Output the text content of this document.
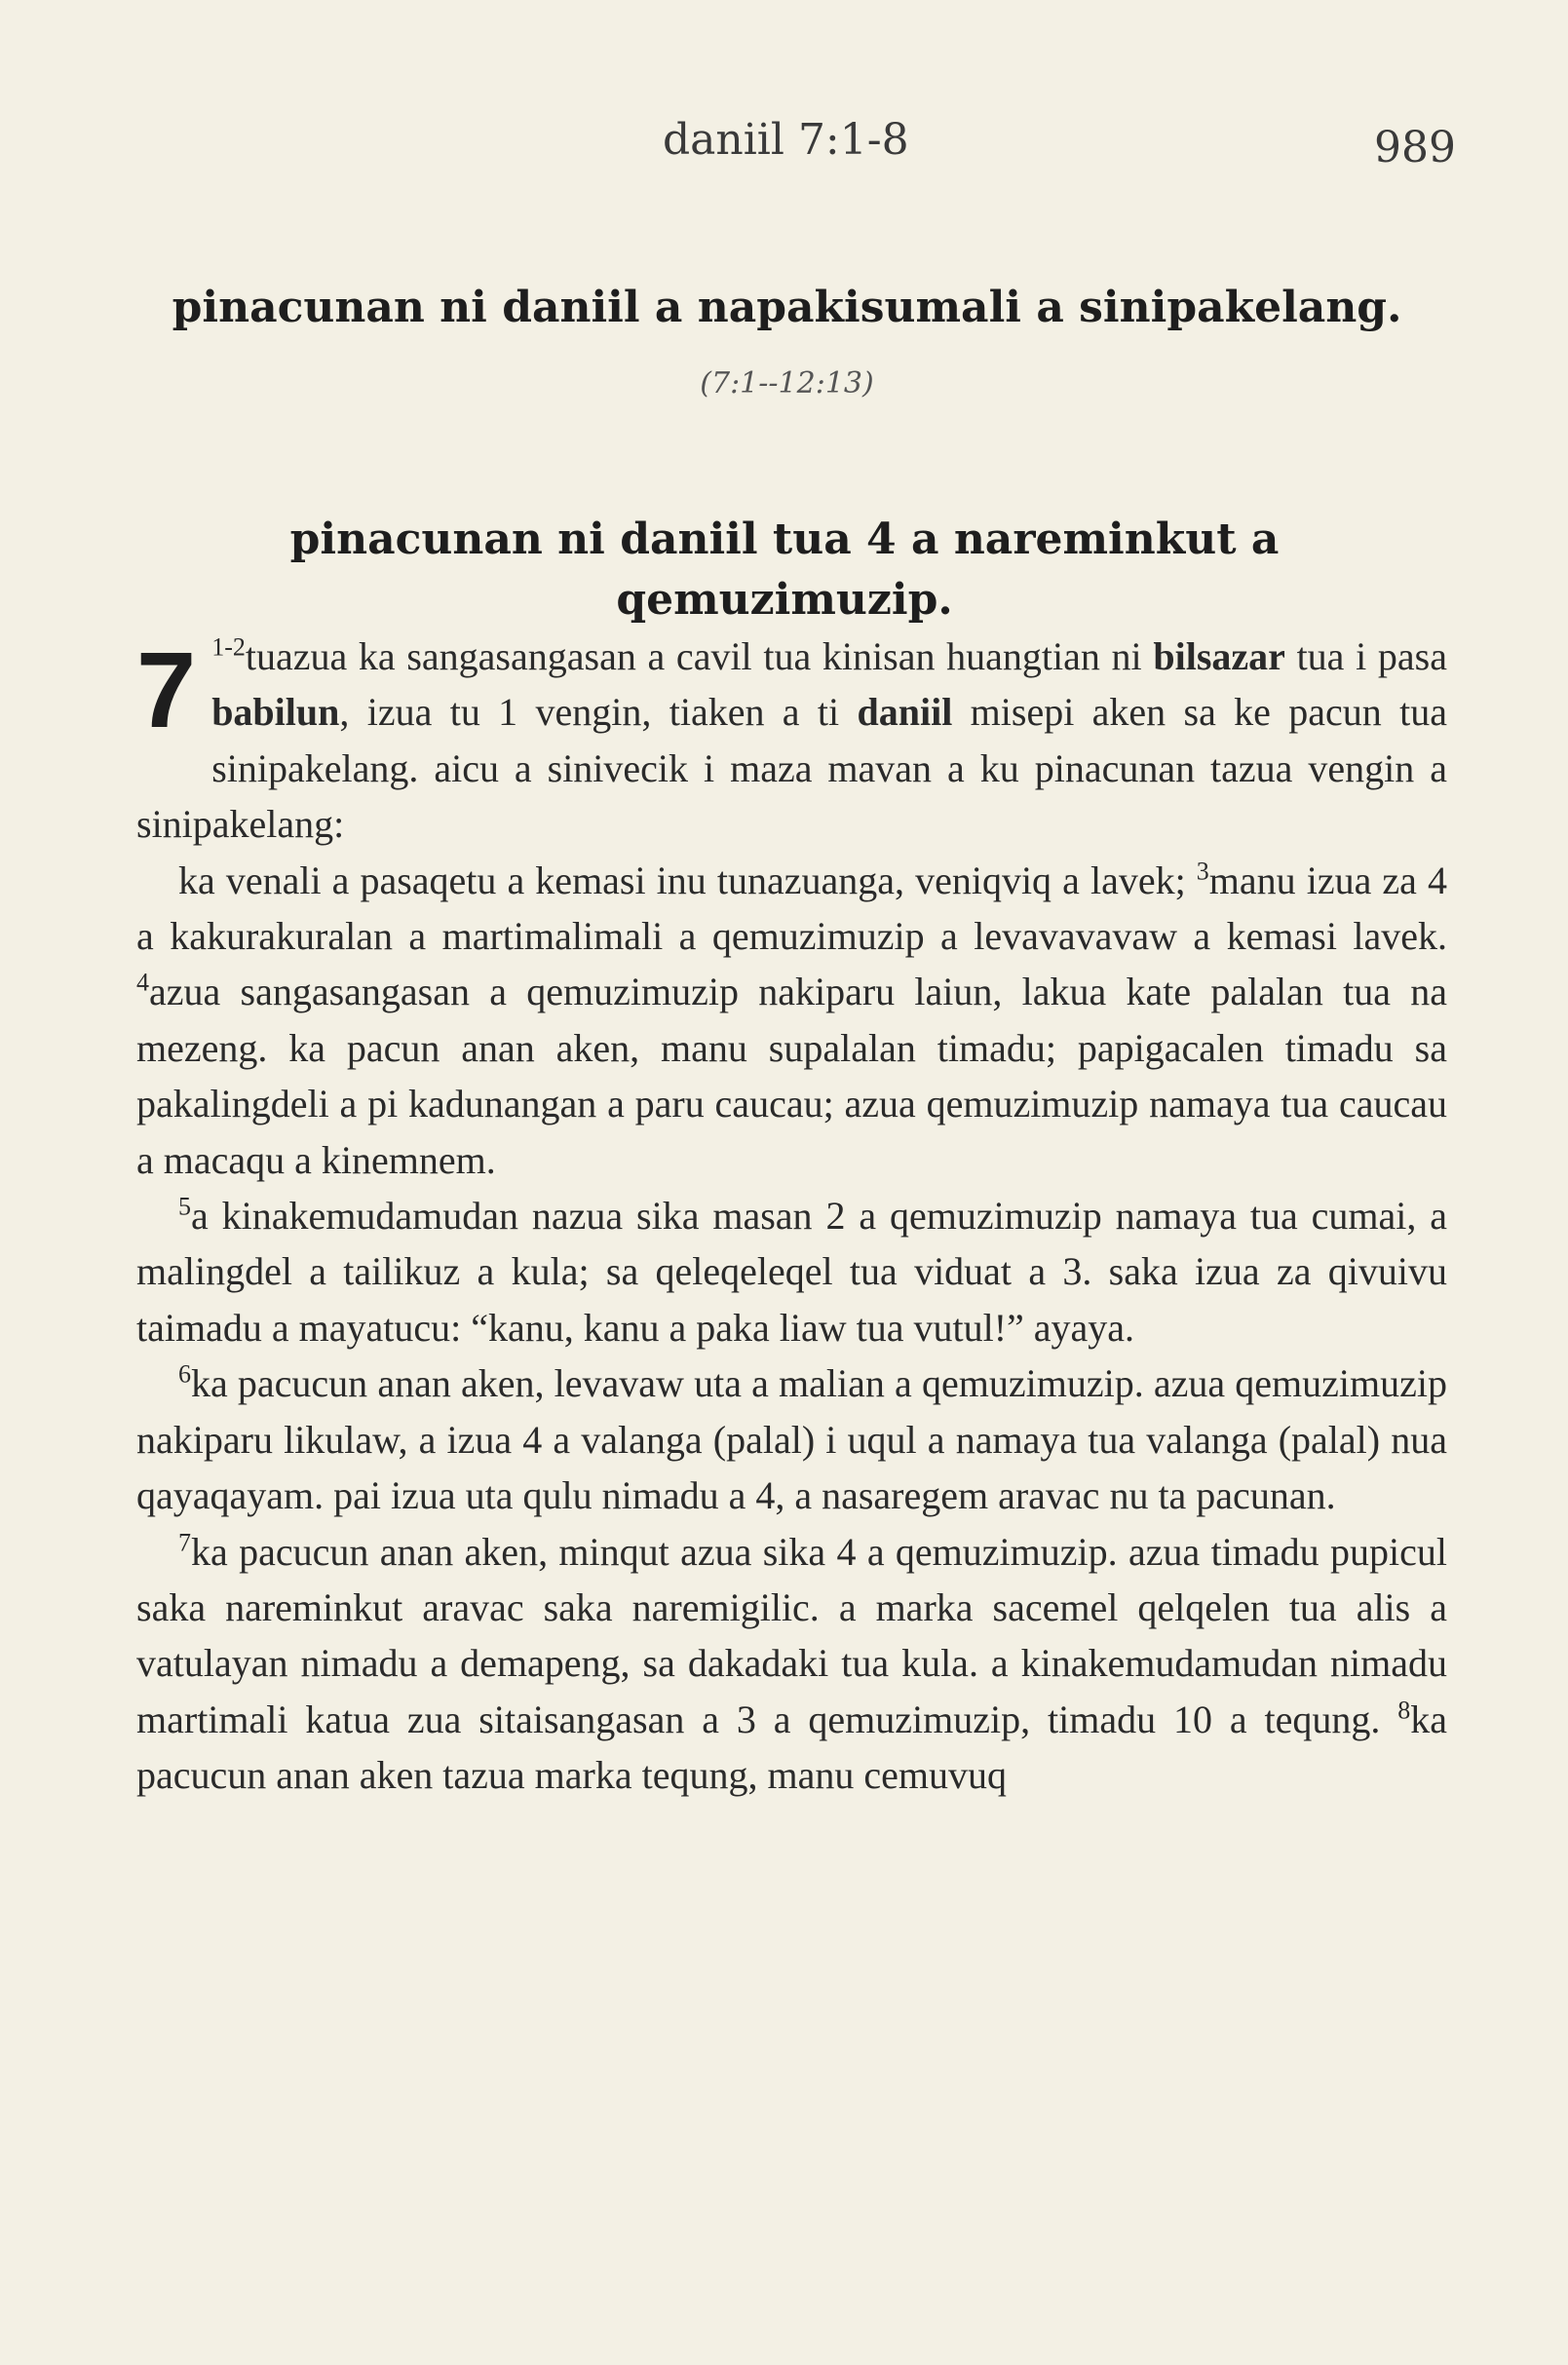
daniil 7:1-8	989
pinacunan ni daniil a napakisumali a sinipakelang.
(7:1--12:13)
pinacunan ni daniil tua 4 a nareminkut a qemuzimuzip.

7 $^{1-2}$tuazua ka sangasangasan a cavil tua kinisan huangtian ni bilsazar tua i pasa babilun, izua tu 1 vengin, tiaken a ti daniil misepi aken sa ke pacun tua sinipakelang. aicu a sinivecik i maza mavan a ku pinacunan tazua vengin a sinipakelang:

ka venali a pasaqetu a kemasi inu tunazuanga, veniqviq a lavek; $^3$manu izua za 4 a kakurakuralan a martimalimali a qemuzimuzip a levavavavaw a kemasi lavek. $^4$azua sangasangasan a qemuzimuzip nakiparu laiun, lakua kate palalan tua na mezeng. ka pacun anan aken, manu supalalan timadu; papigacalen timadu sa pakalingdeli a pi kadunangan a paru caucau; azua qemuzimuzip namaya tua caucau a macaqu a kinemnem.

$^5$a kinakemudamudan nazua sika masan 2 a qemuzimuzip namaya tua cumai, a malingdel a tailikuz a kula; sa qeleqeleqel tua viduat a 3. saka izua za qivuivu taimadu a mayatucu: “kanu, kanu a paka liaw tua vutul!” ayaya.

$^6$ka pacucun anan aken, levavaw uta a malian a qemuzimuzip. azua qemuzimuzip nakiparu likulaw, a izua 4 a valanga (palal) i uqul a namaya tua valanga (palal) nua qayaqayam. pai izua uta qulu nimadu a 4, a nasaregem aravac nu ta pacunan.

$^7$ka pacucun anan aken, minqut azua sika 4 a qemuzimuzip. azua timadu pupicul saka nareminkut aravac saka naremigilic. a marka sacemel qelqelen tua alis a vatulayan nimadu a demapeng, sa dakadaki tua kula. a kinakemudamudan nimadu martimali katua zua sitaisangasan a 3 a qemuzimuzip, timadu 10 a tequng. $^8$ka pacucun anan aken tazua marka tequng, manu cemuvuq
